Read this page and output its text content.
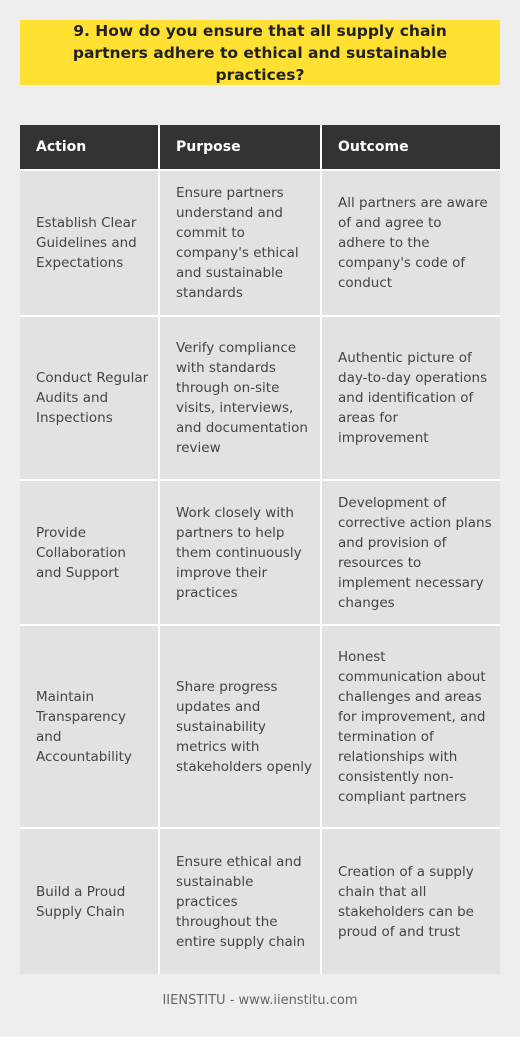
9. How do you ensure that all supply chain partners adhere to ethical and sustainable practices?
Action	Purpose	Outcome
Establish Clear Guidelines and Expectations	Ensure partners understand and commit to company's ethical and sustainable standards	All partners are aware of and agree to adhere to the company's code of conduct
Conduct Regular Audits and Inspections	Verify compliance with standards through on-site visits, interviews, and documentation review	Authentic picture of day-to-day operations and identification of areas for improvement
Provide Collaboration and Support	Work closely with partners to help them continuously improve their practices	Development of corrective action plans and provision of resources to implement necessary changes
Maintain Transparency and Accountability	Share progress updates and sustainability metrics with stakeholders openly	Honest communication about challenges and areas for improvement, and termination of relationships with consistently non-compliant partners
Build a Proud Supply Chain	Ensure ethical and sustainable practices throughout the entire supply chain	Creation of a supply chain that all stakeholders can be proud of and trust
IIENSTITU - www.iienstitu.com
